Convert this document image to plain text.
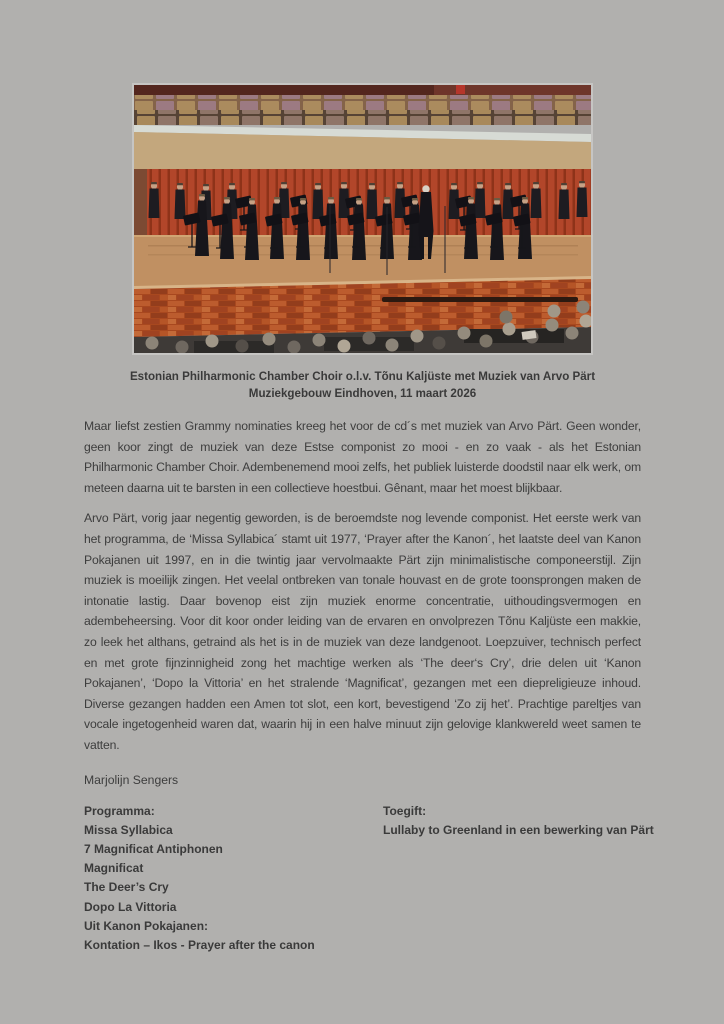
Estonian Philharmonic Chamber Choir o.l.v. Tõnu Kaljüste met Muziek van Arvo Pärt
Muziekgebouw Eindhoven, 11 maart 2026

Maar liefst zestien Grammy nominaties kreeg het voor de cd´s met muziek van Arvo Pärt. Geen wonder, geen koor zingt de muziek van deze Estse componist zo mooi - en zo vaak - als het Estonian Philharmonic Chamber Choir. Adembenemend mooi zelfs, het publiek luisterde doodstil naar elk werk, om meteen daarna uit te barsten in een collectieve hoestbui. Gênant, maar het moest blijkbaar.

Arvo Pärt, vorig jaar negentig geworden, is de beroemdste nog levende componist. Het eerste werk van het programma, de ‘Missa Syllabica´ stamt uit 1977, ‘Prayer after the Kanon´, het laatste deel van Kanon Pokajanen uit 1997, en in die twintig jaar vervolmaakte Pärt zijn minimalistische componeerstijl. Zijn muziek is moeilijk zingen. Het veelal ontbreken van tonale houvast en de grote toonsprongen maken de intonatie lastig. Daar bovenop eist zijn muziek enorme concentratie, uithoudingsvermogen en adembeheersing. Voor dit koor onder leiding van de ervaren en onvolprezen Tõnu Kaljüste een makkie, zo leek het althans, getraind als het is in de muziek van deze landgenoot. Loepzuiver, technisch perfect en met grote fijnzinnigheid zong het machtige werken als ‘The deer‘s Cry’, drie delen uit ‘Kanon Pokajanen’, ‘Dopo la Vittoria’ en het stralende ‘Magnificat’, gezangen met een diepreligieuze inhoud. Diverse gezangen hadden een Amen tot slot, een kort, bevestigend ‘Zo zij het’. Prachtige pareltjes van vocale ingetogenheid waren dat, waarin hij in een halve minuut zijn gelovige klankwereld weet samen te vatten.

Marjolijn Sengers

Programma:
Missa Syllabica
7 Magnificat Antiphonen
Magnificat
The Deer’s Cry
Dopo La Vittoria
Uit Kanon Pokajanen:
Kontation – Ikos - Prayer after the canon
Toegift:
Lullaby to Greenland in een bewerking van Pärt
